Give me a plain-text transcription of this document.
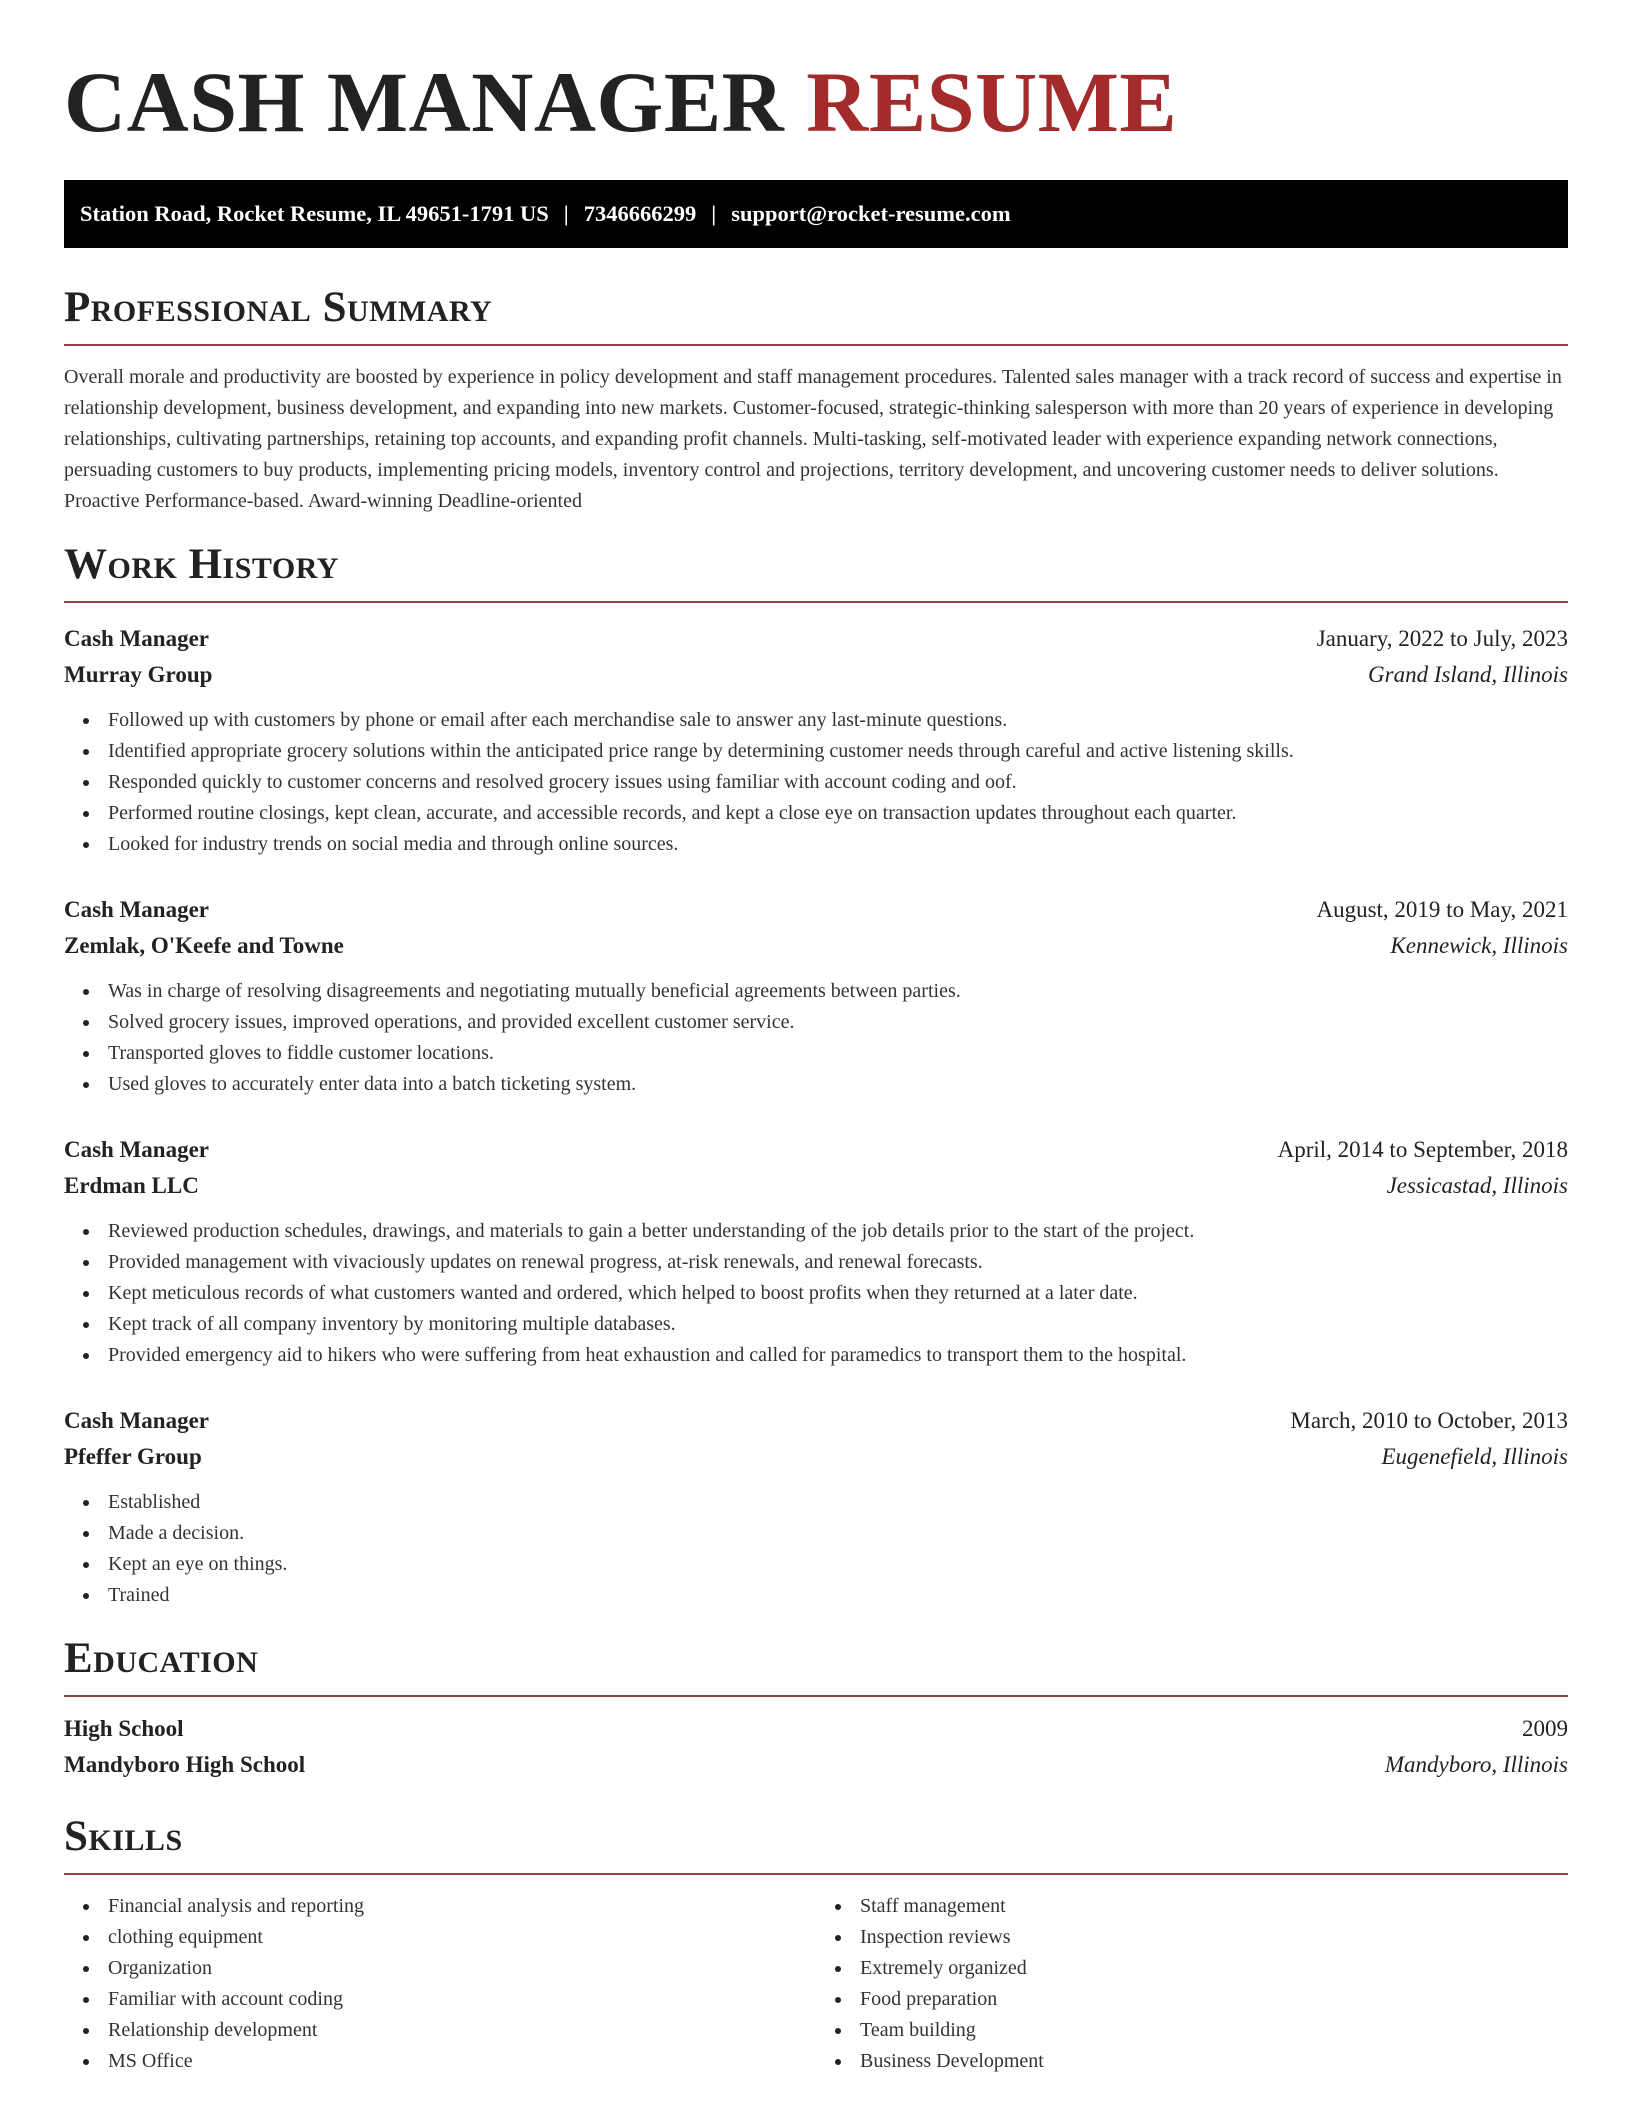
CASH MANAGER RESUME
Station Road, Rocket Resume, IL 49651-1791 US | 7346666299 | support@rocket-resume.com
Professional Summary

Overall morale and productivity are boosted by experience in policy development and staff management procedures. Talented sales manager with a track record of success and expertise in relationship development, business development, and expanding into new markets. Customer-focused, strategic-thinking salesperson with more than 20 years of experience in developing relationships, cultivating partnerships, retaining top accounts, and expanding profit channels. Multi-tasking, self-motivated leader with experience expanding network connections, persuading customers to buy products, implementing pricing models, inventory control and projections, territory development, and uncovering customer needs to deliver solutions. Proactive Performance-based. Award-winning Deadline-oriented

Work History
Cash Manager	January, 2022 to July, 2023
Murray Group	Grand Island, Illinois
Followed up with customers by phone or email after each merchandise sale to answer any last-minute questions.
Identified appropriate grocery solutions within the anticipated price range by determining customer needs through careful and active listening skills.
Responded quickly to customer concerns and resolved grocery issues using familiar with account coding and oof.
Performed routine closings, kept clean, accurate, and accessible records, and kept a close eye on transaction updates throughout each quarter.
Looked for industry trends on social media and through online sources.
Cash Manager	August, 2019 to May, 2021
Zemlak, O'Keefe and Towne	Kennewick, Illinois
Was in charge of resolving disagreements and negotiating mutually beneficial agreements between parties.
Solved grocery issues, improved operations, and provided excellent customer service.
Transported gloves to fiddle customer locations.
Used gloves to accurately enter data into a batch ticketing system.
Cash Manager	April, 2014 to September, 2018
Erdman LLC	Jessicastad, Illinois
Reviewed production schedules, drawings, and materials to gain a better understanding of the job details prior to the start of the project.
Provided management with vivaciously updates on renewal progress, at-risk renewals, and renewal forecasts.
Kept meticulous records of what customers wanted and ordered, which helped to boost profits when they returned at a later date.
Kept track of all company inventory by monitoring multiple databases.
Provided emergency aid to hikers who were suffering from heat exhaustion and called for paramedics to transport them to the hospital.
Cash Manager	March, 2010 to October, 2013
Pfeffer Group	Eugenefield, Illinois
Established
Made a decision.
Kept an eye on things.
Trained
Education
High School	2009
Mandyboro High School	Mandyboro, Illinois
Skills
Financial analysis and reporting
clothing equipment
Organization
Familiar with account coding
Relationship development
MS Office
Staff management
Inspection reviews
Extremely organized
Food preparation
Team building
Business Development
